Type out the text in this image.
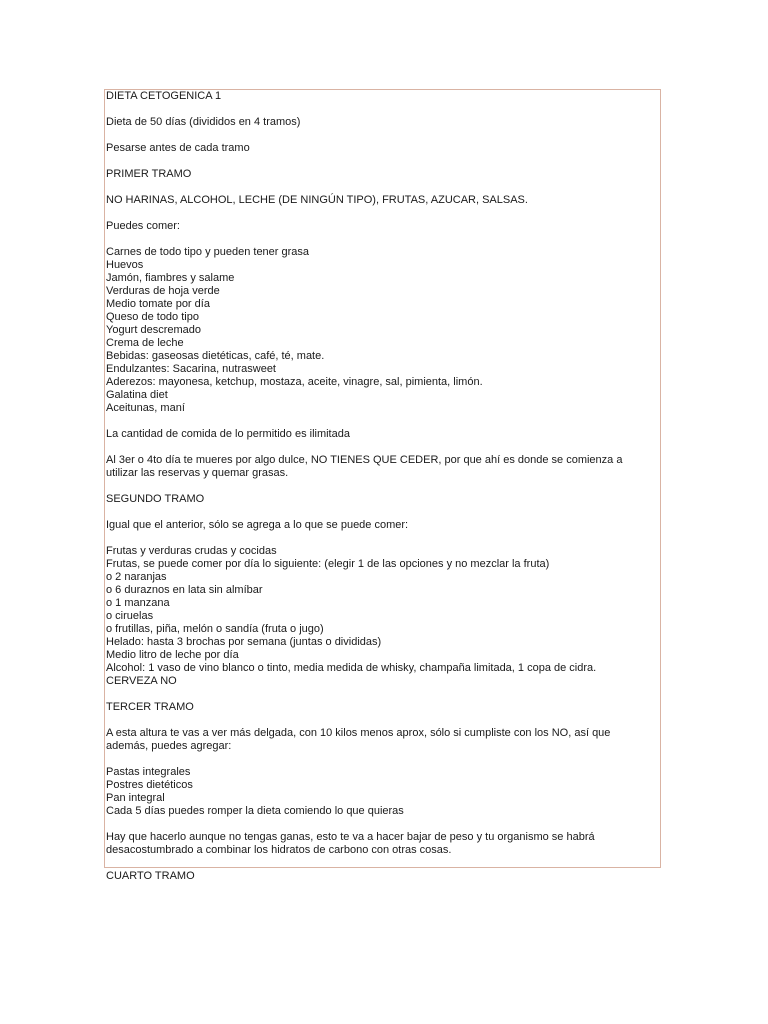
DIETA CETOGENICA 1

Dieta de 50 días (divididos en 4 tramos)

Pesarse antes de cada tramo

PRIMER TRAMO

NO HARINAS, ALCOHOL, LECHE (DE NINGÚN TIPO), FRUTAS, AZUCAR, SALSAS.

Puedes comer:

Carnes de todo tipo y pueden tener grasa
Huevos
Jamón, fiambres y salame
Verduras de hoja verde
Medio tomate por día
Queso de todo tipo
Yogurt descremado
Crema de leche
Bebidas: gaseosas dietéticas, café, té, mate.
Endulzantes: Sacarina, nutrasweet
Aderezos: mayonesa, ketchup, mostaza, aceite, vinagre, sal, pimienta, limón.
Galatina diet
Aceitunas, maní

La cantidad de comida de lo permitido es ilimitada

Al 3er o 4to día te mueres por algo dulce, NO TIENES QUE CEDER, por que ahí es donde se comienza a
utilizar las reservas y quemar grasas.

SEGUNDO TRAMO

Igual que el anterior, sólo se agrega a lo que se puede comer:

Frutas y verduras crudas y cocidas
Frutas, se puede comer por día lo siguiente: (elegir 1 de las opciones y no mezclar la fruta)
o 2 naranjas
o 6 duraznos en lata sin almíbar
o 1 manzana
o ciruelas
o frutillas, piña, melón o sandía (fruta o jugo)
Helado: hasta 3 brochas por semana (juntas o divididas)
Medio litro de leche por día
Alcohol: 1 vaso de vino blanco o tinto, media medida de whisky, champaña limitada, 1 copa de cidra.
CERVEZA NO

TERCER TRAMO

A esta altura te vas a ver más delgada, con 10 kilos menos aprox, sólo si cumpliste con los NO, así que
además, puedes agregar:

Pastas integrales
Postres dietéticos
Pan integral
Cada 5 días puedes romper la dieta comiendo lo que quieras

Hay que hacerlo aunque no tengas ganas, esto te va a hacer bajar de peso y tu organismo se habrá
desacostumbrado a combinar los hidratos de carbono con otras cosas.

CUARTO TRAMO
